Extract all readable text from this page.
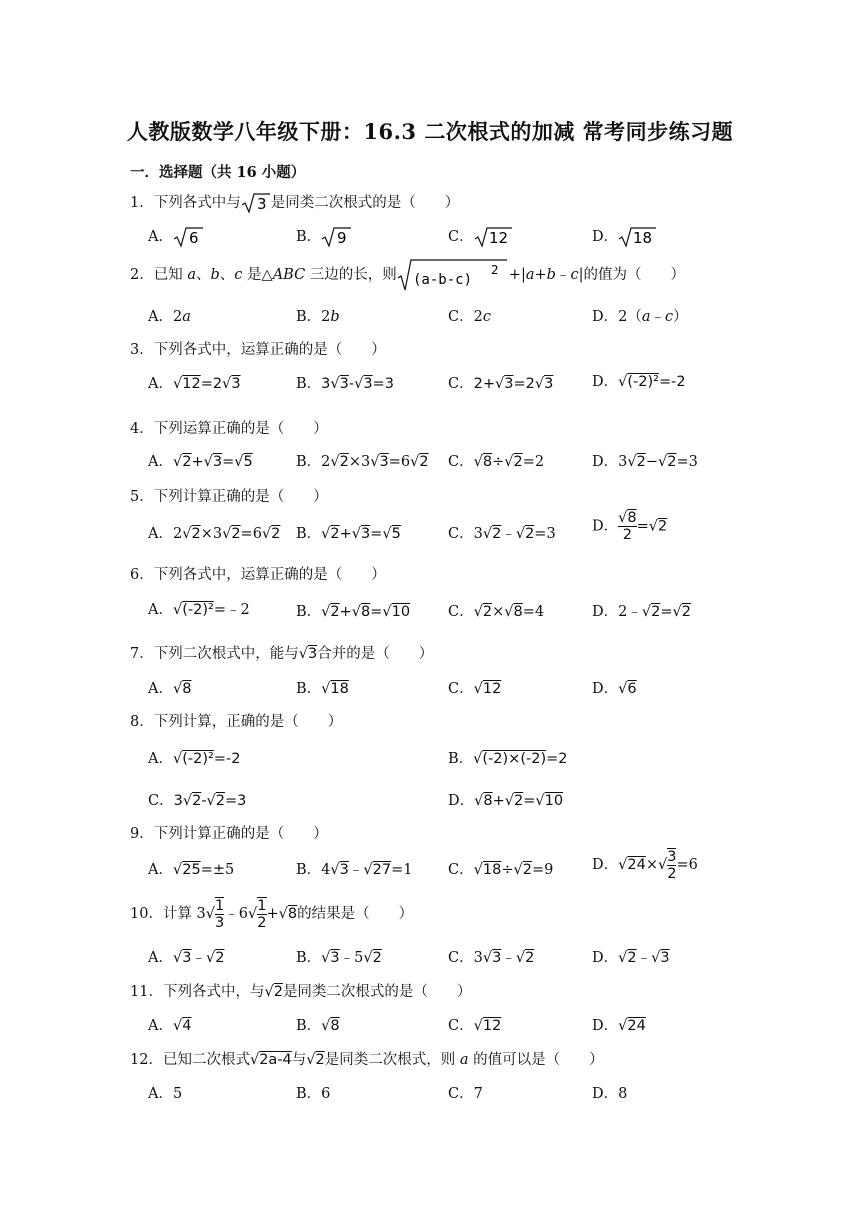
人教版数学八年级下册：16.3 二次根式的加减 常考同步练习题
一．选择题（共 16 小题）
1．下列各式中与 3 是同类二次根式的是（　　）
A． 6	B． 9	C． 12	D． 18
2．已知 a、b、c 是△ABC 三边的长，则 (a-b-c)
2 +|a+b﹣c|的值为（　　）
A．2a	B．2b	C．2c	D．2（a﹣c）
3．下列各式中，运算正确的是（　　）
A．√12=2√3	B．3√3-√3=3	C．2+√3=2√3	D．√(-2)²=-2
4．下列运算正确的是（　　）
A．√2+√3=√5	B．2√2×3√3=6√2 C．√8÷√2=2	D．3√2−√2=3
5．下列计算正确的是（　　）
A．2√2×3√2=6√2 B．√2+√3=√5	C．3√2﹣√2=3	D． $\frac{√8}{2} =√2$
6．下列各式中，运算正确的是（　　）
A．√(-2)²=﹣2	B．√2+√8=√10	C．√2×√8=4	D．2﹣√2=√2
7．下列二次根式中，能与√3合并的是（　　）
A．√8	B．√18	C．√12	D．√6
8．下列计算，正确的是（　　）
A．√(-2)²=-2	B．√(-2)×(-2)=2
C．3√2-√2=3	D．√8+√2=√10
9．下列计算正确的是（　　）
A．√25=±5	B．4√3﹣√27=1 C．√18÷√2=9	D．$√24\times√ \frac{3}{2} =6$
10．计算 $3√ \frac{1}{3}$ ﹣6√ $\frac{1}{2} +√8$的结果是（　　）
A．√3﹣√2	B．√3﹣5√2	C．3√3﹣√2	D．√2﹣√3
11．下列各式中，与√2是同类二次根式的是（　　）
A．√4	B．√8	C．√12	D．√24
12．已知二次根式√2a-4与√2是同类二次根式，则 a 的值可以是（　　）
A．5	B．6	C．7	D．8
